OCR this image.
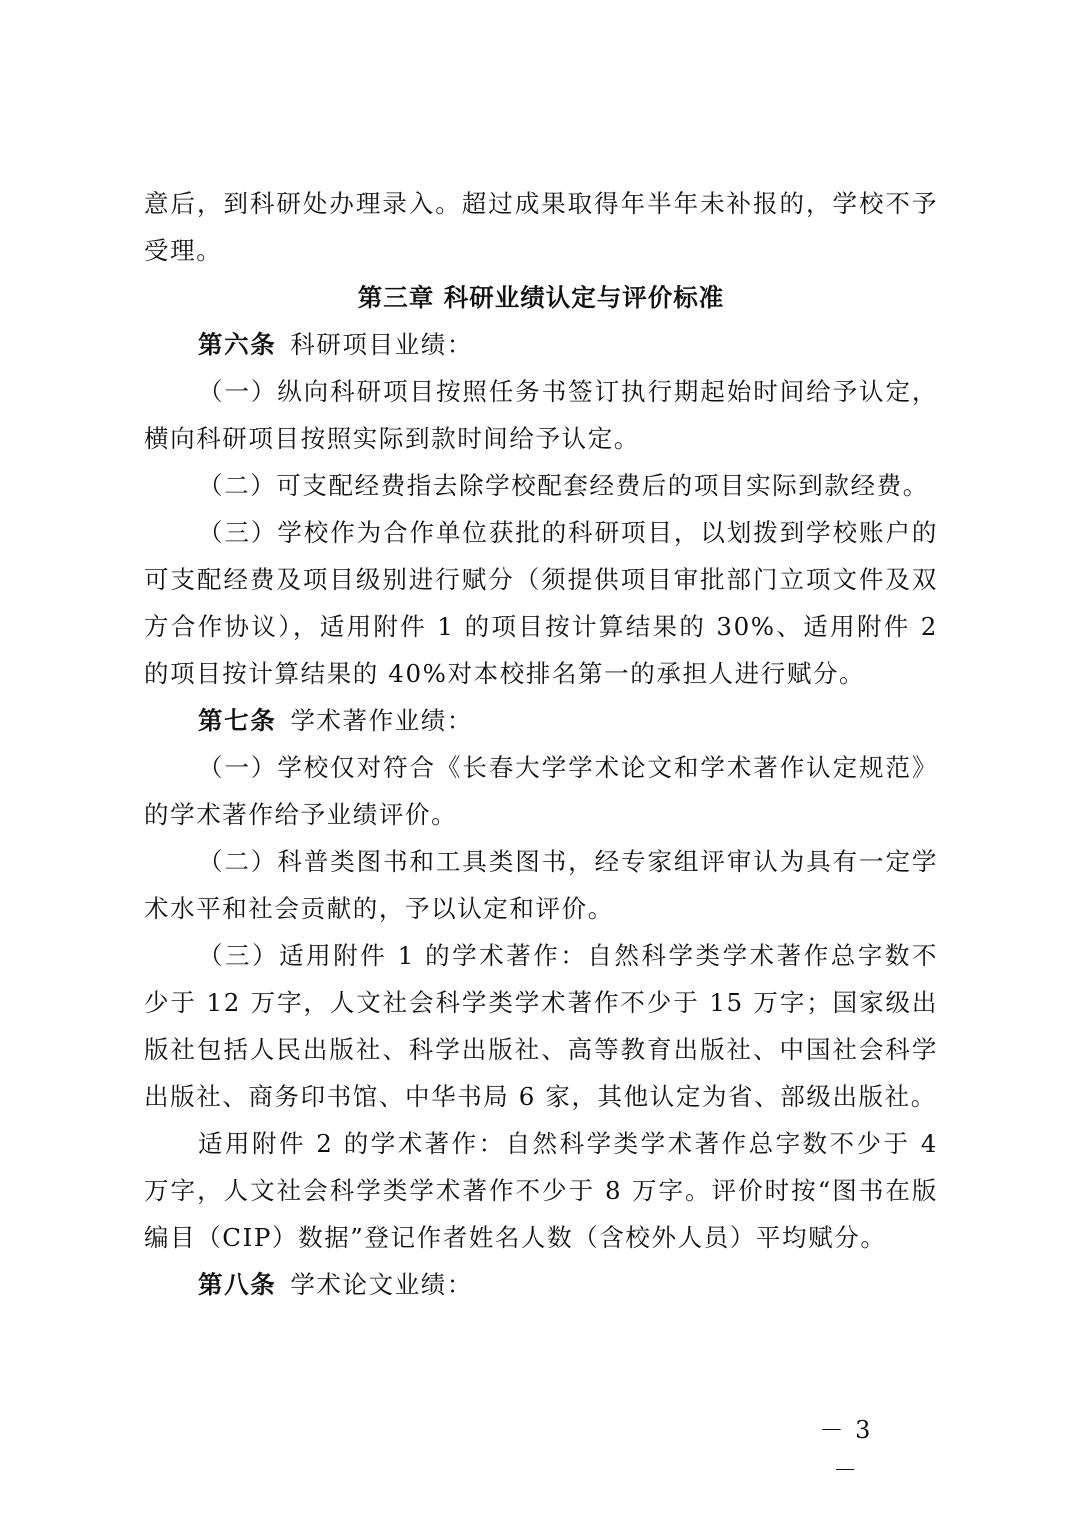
意后，到科研处办理录入。超过成果取得年半年未补报的，学校不予受理。

第三章 科研业绩认定与评价标准

第六条 科研项目业绩：

（一）纵向科研项目按照任务书签订执行期起始时间给予认定，横向科研项目按照实际到款时间给予认定。

（二）可支配经费指去除学校配套经费后的项目实际到款经费。

（三）学校作为合作单位获批的科研项目，以划拨到学校账户的可支配经费及项目级别进行赋分（须提供项目审批部门立项文件及双方合作协议），适用附件 1 的项目按计算结果的 30%、适用附件 2 的项目按计算结果的 40%对本校排名第一的承担人进行赋分。

第七条 学术著作业绩：

（一）学校仅对符合《长春大学学术论文和学术著作认定规范》的学术著作给予业绩评价。

（二）科普类图书和工具类图书，经专家组评审认为具有一定学术水平和社会贡献的，予以认定和评价。

（三）适用附件 1 的学术著作：自然科学类学术著作总字数不少于 12 万字，人文社会科学类学术著作不少于 15 万字；国家级出版社包括人民出版社、科学出版社、高等教育出版社、中国社会科学出版社、商务印书馆、中华书局 6 家，其他认定为省、部级出版社。

适用附件 2 的学术著作：自然科学类学术著作总字数不少于 4 万字，人文社会科学类学术著作不少于 8 万字。评价时按“图书在版编目（CIP）数据”登记作者姓名人数（含校外人员）平均赋分。

第八条 学术论文业绩：

－ 3 －
